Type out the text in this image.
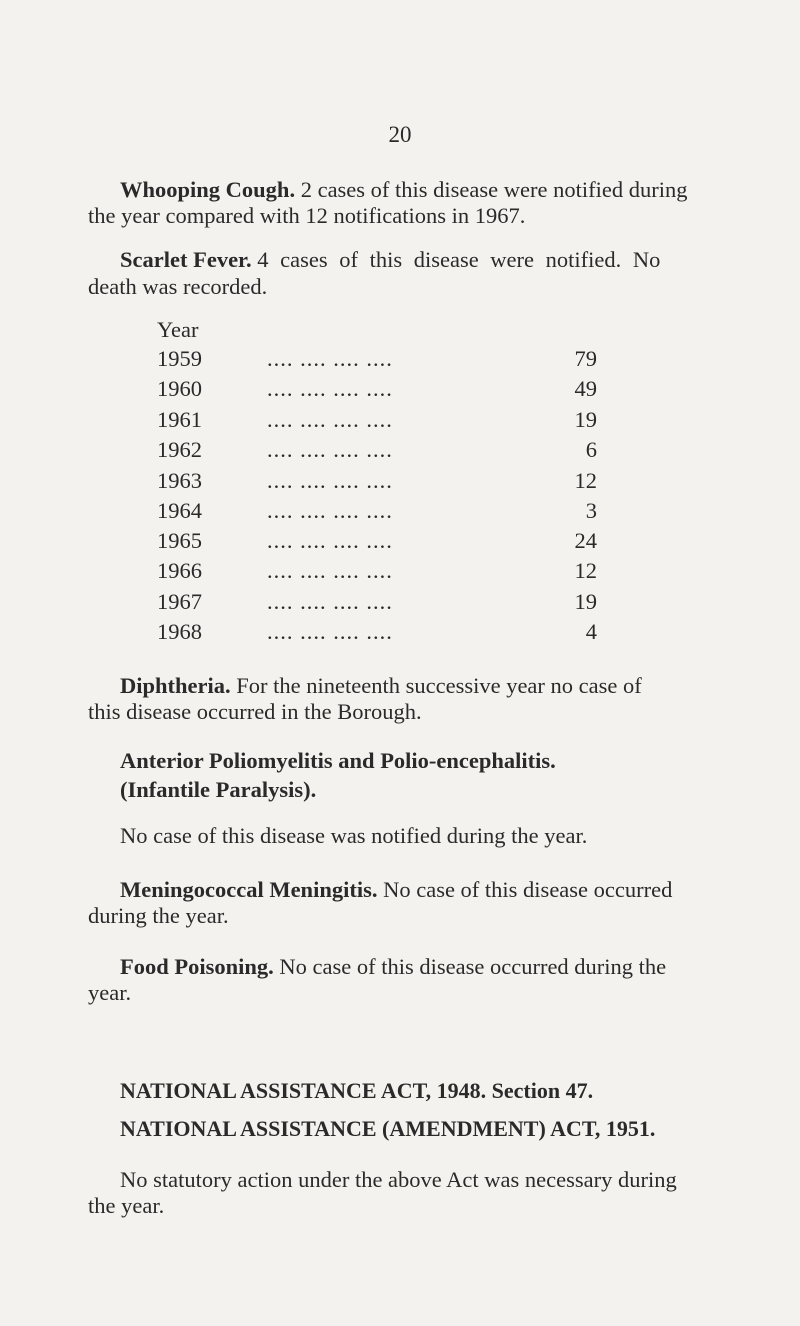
20
Whooping Cough. 2 cases of this disease were notified during
the year compared with 12 notifications in 1967.
Scarlet Fever. 4 cases of this disease were notified. No
death was recorded.
Year
1959	.... .... .... ....	79
1960	.... .... .... ....	49
1961	.... .... .... ....	19
1962	.... .... .... ....	6
1963	.... .... .... ....	12
1964	.... .... .... ....	3
1965	.... .... .... ....	24
1966	.... .... .... ....	12
1967	.... .... .... ....	19
1968	.... .... .... ....	4
Diphtheria. For the nineteenth successive year no case of
this disease occurred in the Borough.
Anterior Poliomyelitis and Polio-encephalitis.
(Infantile Paralysis).
No case of this disease was notified during the year.
Meningococcal Meningitis. No case of this disease occurred
during the year.
Food Poisoning. No case of this disease occurred during the
year.
NATIONAL ASSISTANCE ACT, 1948. Section 47.
NATIONAL ASSISTANCE (AMENDMENT) ACT, 1951.
No statutory action under the above Act was necessary during
the year.
